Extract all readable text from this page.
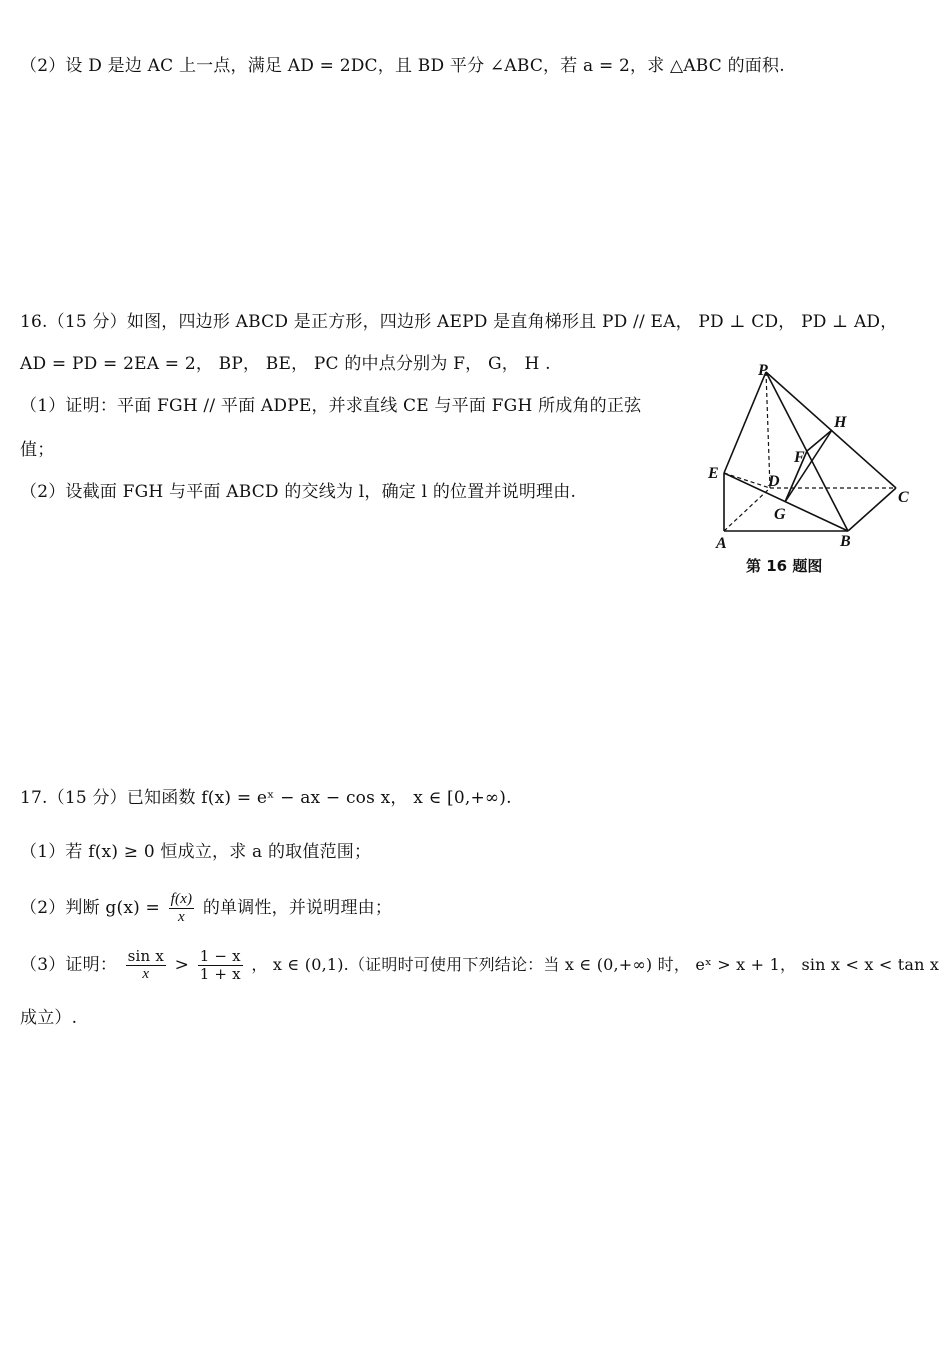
（2）设 D 是边 AC 上一点，满足 AD = 2DC，且 BD 平分 ∠ABC，若 a = 2，求 △ABC 的面积.
16.（15 分）如图，四边形 ABCD 是正方形，四边形 AEPD 是直角梯形且 PD // EA， PD ⊥ CD， PD ⊥ AD，
AD = PD = 2EA = 2， BP， BE， PC 的中点分别为 F， G， H .
（1）证明：平面 FGH // 平面 ADPE，并求直线 CE 与平面 FGH 所成角的正弦
值；
（2）设截面 FGH 与平面 ABCD 的交线为 l，确定 l 的位置并说明理由.
P
H
F
E	D
C
G
A	B
第 16 题图
17.（15 分）已知函数 f(x) = eˣ − ax − cos x， x ∈ [0,+∞).
（1）若 f(x) ≥ 0 恒成立，求 a 的取值范围；
（2）判断 $g(x) = \frac{f(x)}{x}$ 的单调性，并说明理由；
（3）证明： $\frac{\text{sin x}}{x} > \frac{1 - x}{1 + x}$ ， x ∈ (0,1).（证明时可使用下列结论：当 x ∈ (0,+∞) 时， eˣ > x + 1， sin x < x < tan x
成立）.
